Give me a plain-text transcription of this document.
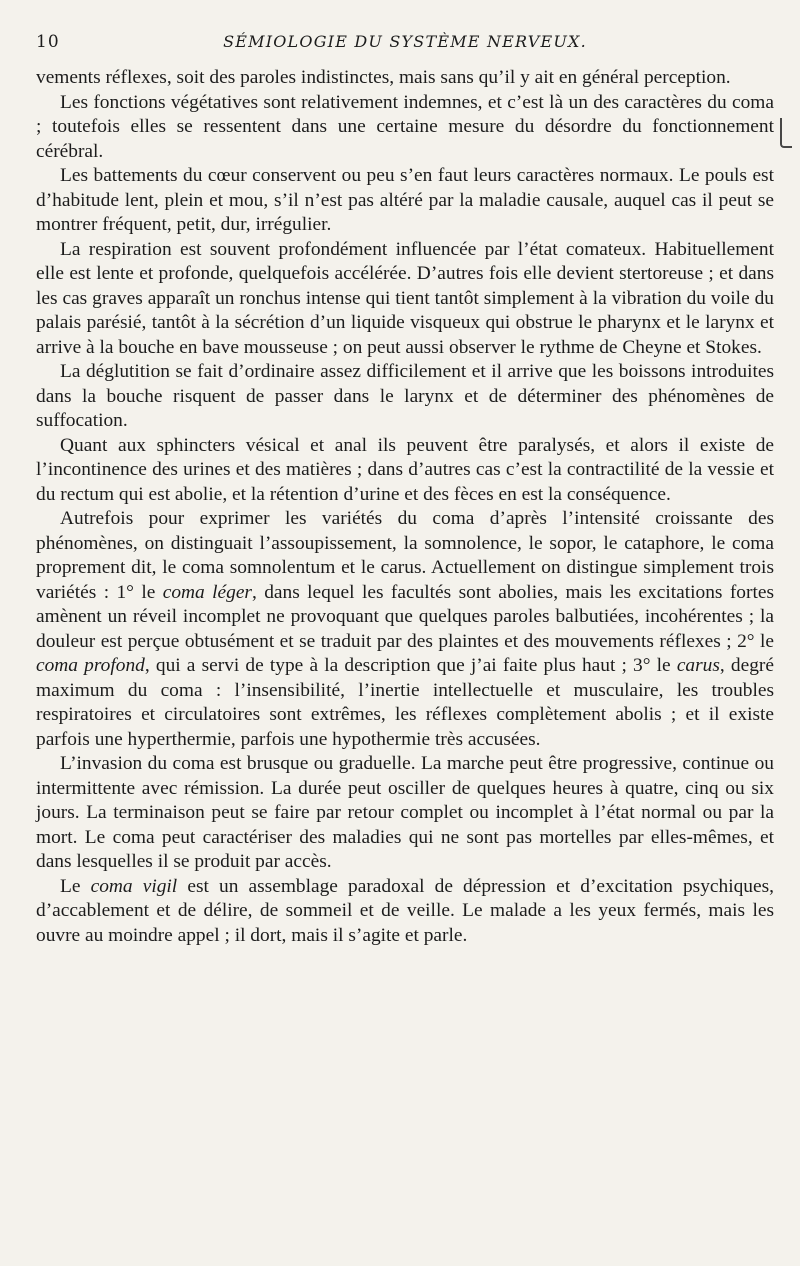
10	SÉMIOLOGIE DU SYSTÈME NERVEUX.

vements réflexes, soit des paroles indistinctes, mais sans qu’il y ait en général perception.

Les fonctions végétatives sont relativement indemnes, et c’est là un des caractères du coma ; toutefois elles se ressentent dans une certaine mesure du désordre du fonctionnement cérébral.

Les battements du cœur conservent ou peu s’en faut leurs caractères normaux. Le pouls est d’habitude lent, plein et mou, s’il n’est pas altéré par la maladie causale, auquel cas il peut se montrer fréquent, petit, dur, irrégulier.

La respiration est souvent profondément influencée par l’état comateux. Habituellement elle est lente et profonde, quelquefois accélérée. D’autres fois elle devient stertoreuse ; et dans les cas graves apparaît un ronchus intense qui tient tantôt simplement à la vibration du voile du palais parésié, tantôt à la sécrétion d’un liquide visqueux qui obstrue le pharynx et le larynx et arrive à la bouche en bave mousseuse ; on peut aussi observer le rythme de Cheyne et Stokes.

La déglutition se fait d’ordinaire assez difficilement et il arrive que les boissons introduites dans la bouche risquent de passer dans le larynx et de déterminer des phénomènes de suffocation.

Quant aux sphincters vésical et anal ils peuvent être paralysés, et alors il existe de l’incontinence des urines et des matières ; dans d’autres cas c’est la contractilité de la vessie et du rectum qui est abolie, et la rétention d’urine et des fèces en est la conséquence.

Autrefois pour exprimer les variétés du coma d’après l’intensité croissante des phénomènes, on distinguait l’assoupissement, la somnolence, le sopor, le cataphore, le coma proprement dit, le coma somnolentum et le carus. Actuellement on distingue simplement trois variétés : 1° le coma léger, dans lequel les facultés sont abolies, mais les excitations fortes amènent un réveil incomplet ne provoquant que quelques paroles balbutiées, incohérentes ; la douleur est perçue obtusément et se traduit par des plaintes et des mouvements réflexes ; 2° le coma profond, qui a servi de type à la description que j’ai faite plus haut ; 3° le carus, degré maximum du coma : l’insensibilité, l’inertie intellectuelle et musculaire, les troubles respiratoires et circulatoires sont extrêmes, les réflexes complètement abolis ; et il existe parfois une hyperthermie, parfois une hypothermie très accusées.

L’invasion du coma est brusque ou graduelle. La marche peut être progressive, continue ou intermittente avec rémission. La durée peut osciller de quelques heures à quatre, cinq ou six jours. La terminaison peut se faire par retour complet ou incomplet à l’état normal ou par la mort. Le coma peut caractériser des maladies qui ne sont pas mortelles par elles-mêmes, et dans lesquelles il se produit par accès.

Le coma vigil est un assemblage paradoxal de dépression et d’excitation psychiques, d’accablement et de délire, de sommeil et de veille. Le malade a les yeux fermés, mais les ouvre au moindre appel ; il dort, mais il s’agite et parle.
